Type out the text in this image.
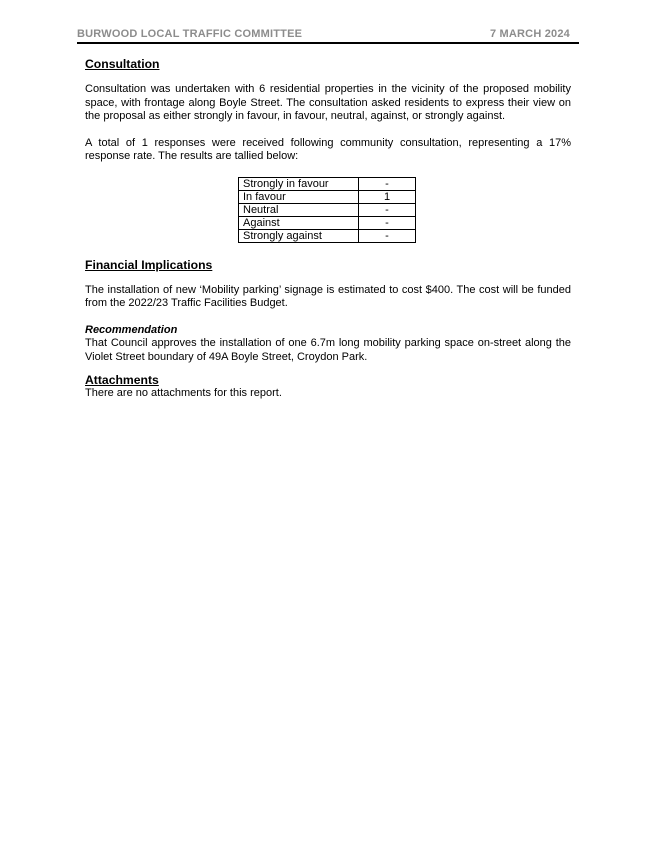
BURWOOD LOCAL TRAFFIC COMMITTEE	7 MARCH 2024
Consultation

Consultation was undertaken with 6 residential properties in the vicinity of the proposed mobility space, with frontage along Boyle Street. The consultation asked residents to express their view on the proposal as either strongly in favour, in favour, neutral, against, or strongly against.

A total of 1 responses were received following community consultation, representing a 17% response rate. The results are tallied below:

Strongly in favour	-
In favour	1
Neutral	-
Against	-
Strongly against	-
Financial Implications

The installation of new ‘Mobility parking’ signage is estimated to cost $400. The cost will be funded from the 2022/23 Traffic Facilities Budget.

Recommendation

That Council approves the installation of one 6.7m long mobility parking space on-street along the Violet Street boundary of 49A Boyle Street, Croydon Park.

Attachments

There are no attachments for this report.
